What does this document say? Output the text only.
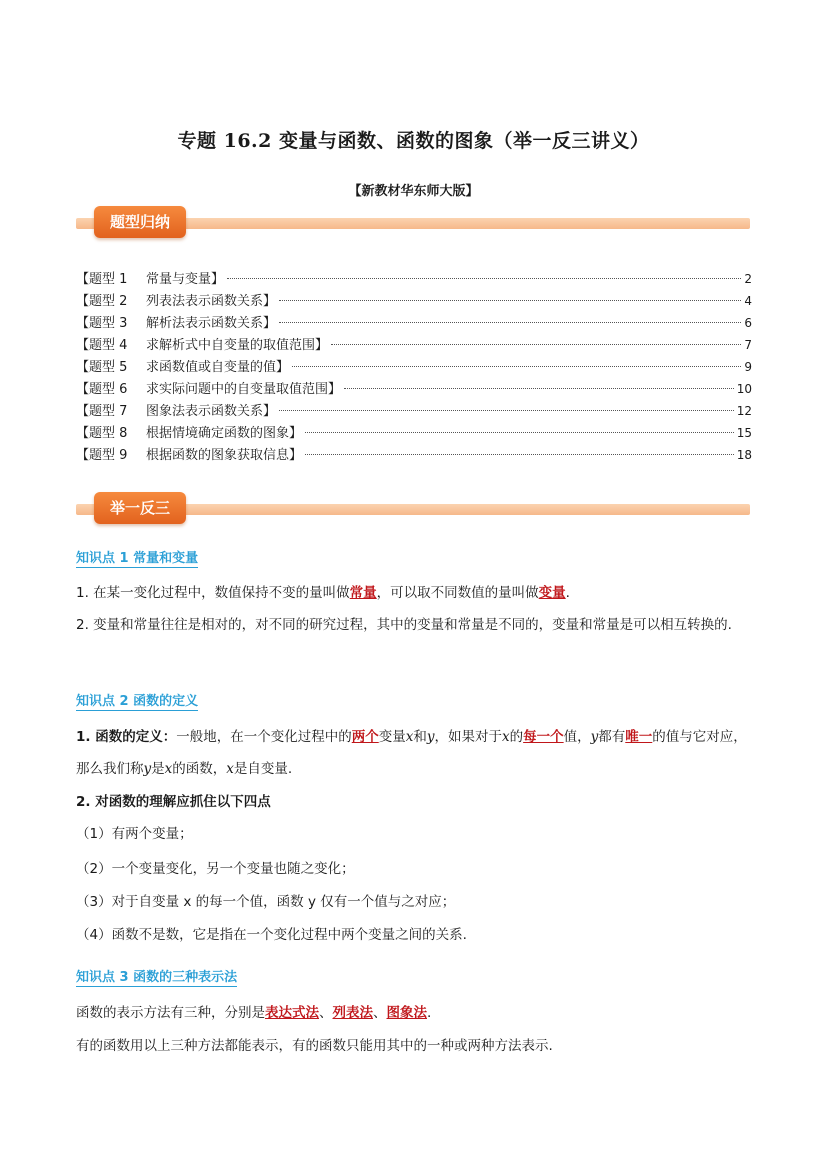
专题 16.2 变量与函数、函数的图象（举一反三讲义）
【新教材华东师大版】
题型归纳
【题型 1 常量与变量】	2
【题型 2 列表法表示函数关系】	4
【题型 3 解析法表示函数关系】	6
【题型 4 求解析式中自变量的取值范围】	7
【题型 5 求函数值或自变量的值】	9
【题型 6 求实际问题中的自变量取值范围】	10
【题型 7 图象法表示函数关系】	12
【题型 8 根据情境确定函数的图象】	15
【题型 9 根据函数的图象获取信息】	18
举一反三
知识点 1 常量和变量
1. 在某一变化过程中，数值保持不变的量叫做常量，可以取不同数值的量叫做变量.
2. 变量和常量往往是相对的，对不同的研究过程，其中的变量和常量是不同的，变量和常量是可以相互转换的.
知识点 2 函数的定义
1. 函数的定义：一般地，在一个变化过程中的两个变量x和y，如果对于x的每一个值，y都有唯一的值与它对应，那么我们称y是x的函数，x是自变量.
2. 对函数的理解应抓住以下四点
（1）有两个变量；
（2）一个变量变化，另一个变量也随之变化；
（3）对于自变量 x 的每一个值，函数 y 仅有一个值与之对应；
（4）函数不是数，它是指在一个变化过程中两个变量之间的关系.
知识点 3 函数的三种表示法
函数的表示方法有三种，分别是表达式法、列表法、图象法.
有的函数用以上三种方法都能表示，有的函数只能用其中的一种或两种方法表示.
